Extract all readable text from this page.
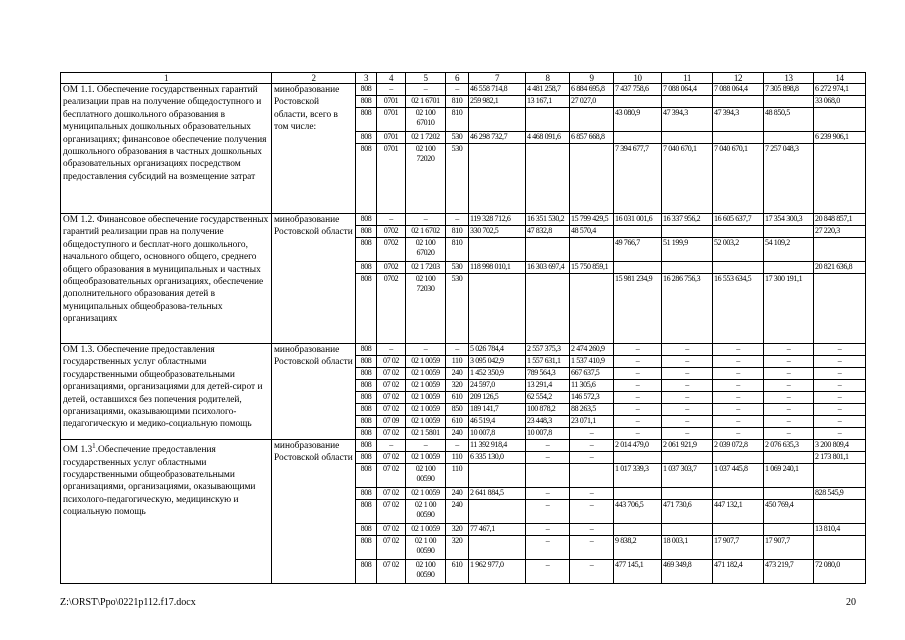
1	2	3	4	5	6	7	8	9	10	11	12	13	14
ОМ 1.1. Обеспечение государственных гарантий реализации прав на получение общедоступного и бесплатного дошкольного образования в муниципальных дошкольных образовательных организациях; финансовое обеспечение получения дошкольного образования в частных дошкольных образовательных организациях посредством предоставления субсидий на возмещение затрат	минобразование Ростовской области, всего в том числе:	808	–	–	–	46 558 714,8	4 481 258,7	6 884 695,8	7 437 758,6	7 088 064,4	7 088 064,4	7 305 898,8	6 272 974,1
		808	0701	02 1 6701	810	259 982,1	13 167,1	27 027,0					33 068,0
		808	0701	02 100 67010	810				43 080,9	47 394,3	47 394,3	48 850,5	
		808	0701	02 1 7202	530	46 298 732,7	4 468 091,6	6 857 668,8					6 239 906,1
		808	0701	02 100 72020	530				7 394 677,7	7 040 670,1	7 040 670,1	7 257 048,3	
ОМ 1.2. Финансовое обеспечение государственных гарантий реализации прав на получение общедоступного и бесплат-ного дошкольного, начального общего, основного общего, среднего общего образования в муниципальных и частных общеобразовательных организациях, обеспечение дополнительного образования детей в муниципальных общеобразова-тельных организациях	минобразование Ростовской области	808	–	–	–	119 328 712,6	16 351 530,2	15 799 429,5	16 031 001,6	16 337 956,2	16 605 637,7	17 354 300,3	20 848 857,1
		808	0702	02 1 6702	810	330 702,5	47 832,8	48 570,4					27 220,3
		808	0702	02 100 67020	810				49 766,7	51 199,9	52 003,2	54 109,2	
		808	0702	02 1 7203	530	118 998 010,1	16 303 697,4	15 750 859,1					20 821 636,8
		808	0702	02 100 72030	530				15 981 234,9	16 286 756,3	16 553 634,5	17 300 191,1	
ОМ 1.3. Обеспечение предоставления государственных услуг областными государственными общеобразовательными организациями, организациями для детей-сирот и детей, оставшихся без попечения родителей, организациями, оказывающими психолого-педагогическую и медико-социальную помощь	минобразование Ростовской области	808	–	–	–	5 026 784,4	2 557 375,3	2 474 260,9	–	–	–	–	–
		808	07 02	02 1 0059	110	3 095 042,9	1 557 631,1	1 537 410,9	–	–	–	–	–
		808	07 02	02 1 0059	240	1 452 350,9	789 564,3	667 637,5	–	–	–	–	–
		808	07 02	02 1 0059	320	24 597,0	13 291,4	11 305,6	–	–	–	–	–
		808	07 02	02 1 0059	610	209 126,5	62 554,2	146 572,3	–	–	–	–	–
		808	07 02	02 1 0059	850	189 141,7	100 878,2	88 263,5	–	–	–	–	–
		808	07 09	02 1 0059	610	46 519,4	23 448,3	23 071,1	–	–	–	–	–
		808	07 02	02 1 5801	240	10 007,8	10 007,8	–	–	–	–	–	–
ОМ $1.3^1.Обеспечение$ предоставления государственных услуг областными государственными общеобразовательными организациями, организациями, оказывающими психолого-педагогическую, медицинскую и социальную помощь	минобразование Ростовской области	808	–	–	–	11 392 918,4	–	–	2 014 479,0	2 061 921,9	2 039 072,8	2 076 635,3	3 200 809,4
		808	07 02	02 1 0059	110	6 335 130,0	–	–					2 173 801,1
		808	07 02	02 100 00590	110				1 017 339,3	1 037 303,7	1 037 445,8	1 069 240,1	
		808	07 02	02 1 0059	240	2 641 884,5	–	–					828 545,9
		808	07 02	02 1 00 00590	240		–	–	443 706,5	471 730,6	447 132,1	450 769,4	
		808	07 02	02 1 0059	320	77 467,1	–	–					13 810,4
		808	07 02	02 1 00 00590	320		–	–	9 838,2	18 003,1	17 907,7	17 907,7	
		808	07 02	02 100 00590	610	1 962 977,0	–	–	477 145,1	469 349,8	471 182,4	473 219,7	72 080,0
Z:\ORST\Ppo\0221p112.f17.docx	20
